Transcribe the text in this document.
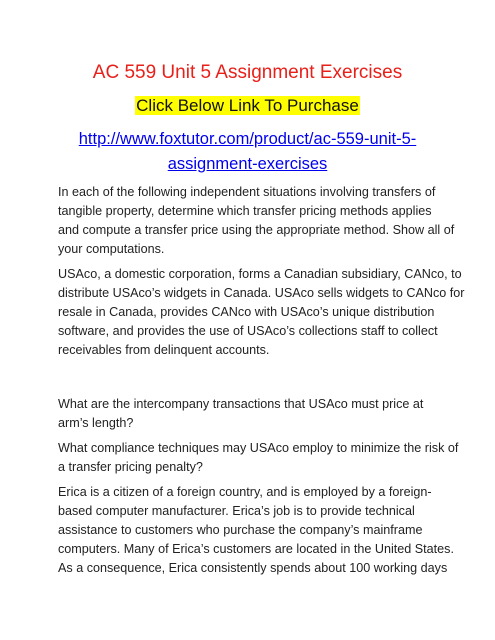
AC 559 Unit 5 Assignment Exercises
Click Below Link To Purchase
http://www.foxtutor.com/product/ac-559-unit-5-
assignment-exercises

In each of the following independent situations involving transfers of
tangible property, determine which transfer pricing methods applies
and compute a transfer price using the appropriate method. Show all of
your computations.

USAco, a domestic corporation, forms a Canadian subsidiary, CANco, to
distribute USAco’s widgets in Canada. USAco sells widgets to CANco for
resale in Canada, provides CANco with USAco’s unique distribution
software, and provides the use of USAco’s collections staff to collect
receivables from delinquent accounts.

What are the intercompany transactions that USAco must price at
arm’s length?

What compliance techniques may USAco employ to minimize the risk of
a transfer pricing penalty?

Erica is a citizen of a foreign country, and is employed by a foreign-
based computer manufacturer. Erica’s job is to provide technical
assistance to customers who purchase the company’s mainframe
computers. Many of Erica’s customers are located in the United States.
As a consequence, Erica consistently spends about 100 working days
